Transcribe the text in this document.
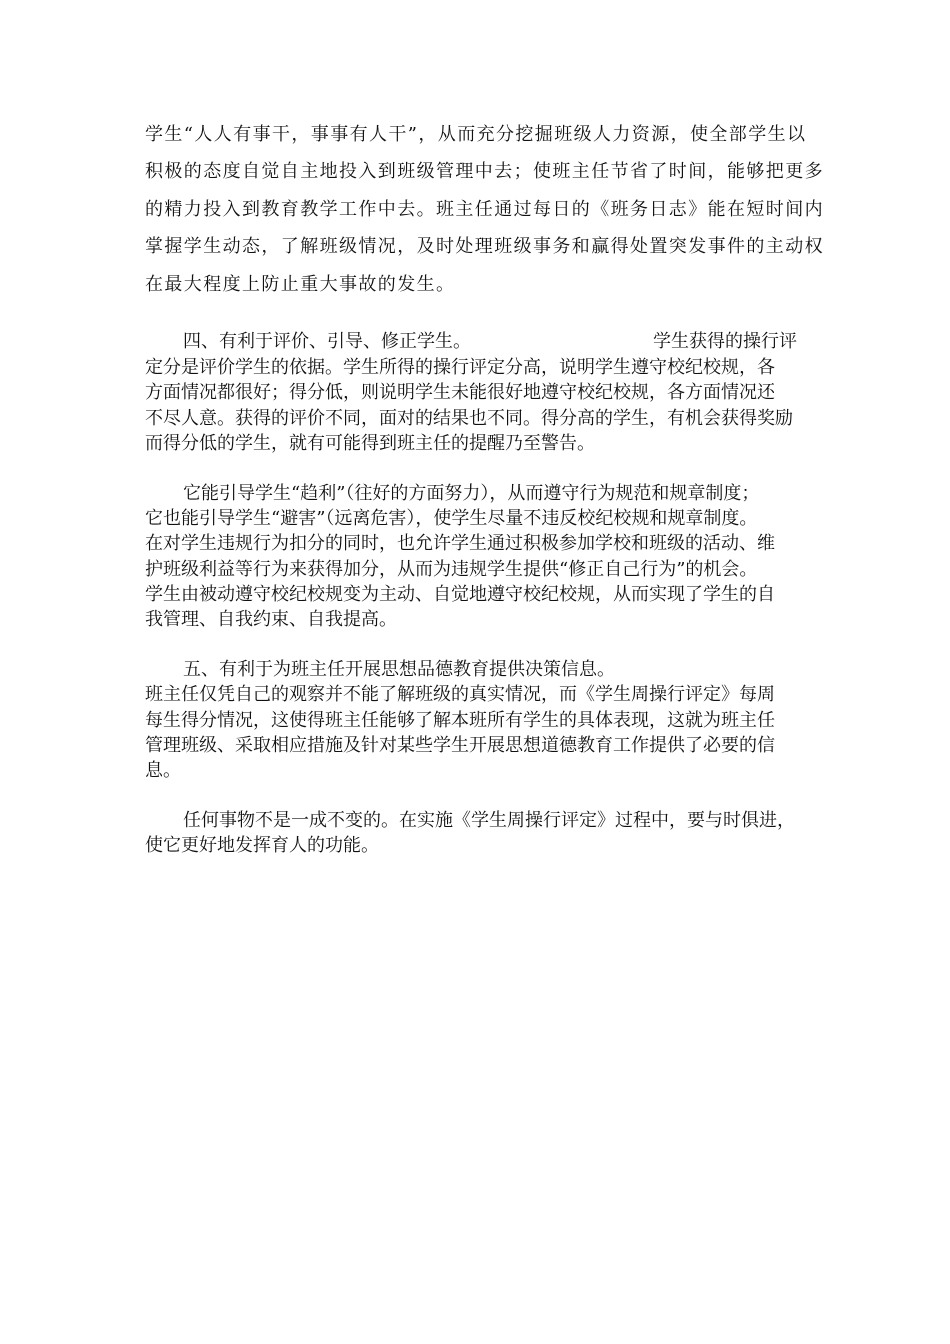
学生“人人有事干，事事有人干”，从而充分挖掘班级人力资源，使全部学生以
积极的态度自觉自主地投入到班级管理中去；使班主任节省了时间，能够把更多
的精力投入到教育教学工作中去。班主任通过每日的《班务日志》能在短时间内
掌握学生动态，了解班级情况，及时处理班级事务和赢得处置突发事件的主动权
在最大程度上防止重大事故的发生。
四、有利于评价、引导、修正学生。	学生获得的操行评
定分是评价学生的依据。学生所得的操行评定分高，说明学生遵守校纪校规，各
方面情况都很好；得分低，则说明学生未能很好地遵守校纪校规，各方面情况还
不尽人意。获得的评价不同，面对的结果也不同。得分高的学生，有机会获得奖励
而得分低的学生，就有可能得到班主任的提醒乃至警告。
它能引导学生“趋利”（往好的方面努力），从而遵守行为规范和规章制度；
它也能引导学生“避害”（远离危害），使学生尽量不违反校纪校规和规章制度。
在对学生违规行为扣分的同时，也允许学生通过积极参加学校和班级的活动、维
护班级利益等行为来获得加分，从而为违规学生提供“修正自己行为”的机会。
学生由被动遵守校纪校规变为主动、自觉地遵守校纪校规，从而实现了学生的自
我管理、自我约束、自我提高。
五、有利于为班主任开展思想品德教育提供决策信息。
班主任仅凭自己的观察并不能了解班级的真实情况，而《学生周操行评定》每周
每生得分情况，这使得班主任能够了解本班所有学生的具体表现，这就为班主任
管理班级、采取相应措施及针对某些学生开展思想道德教育工作提供了必要的信
息。
任何事物不是一成不变的。在实施《学生周操行评定》过程中，要与时俱进，
使它更好地发挥育人的功能。
